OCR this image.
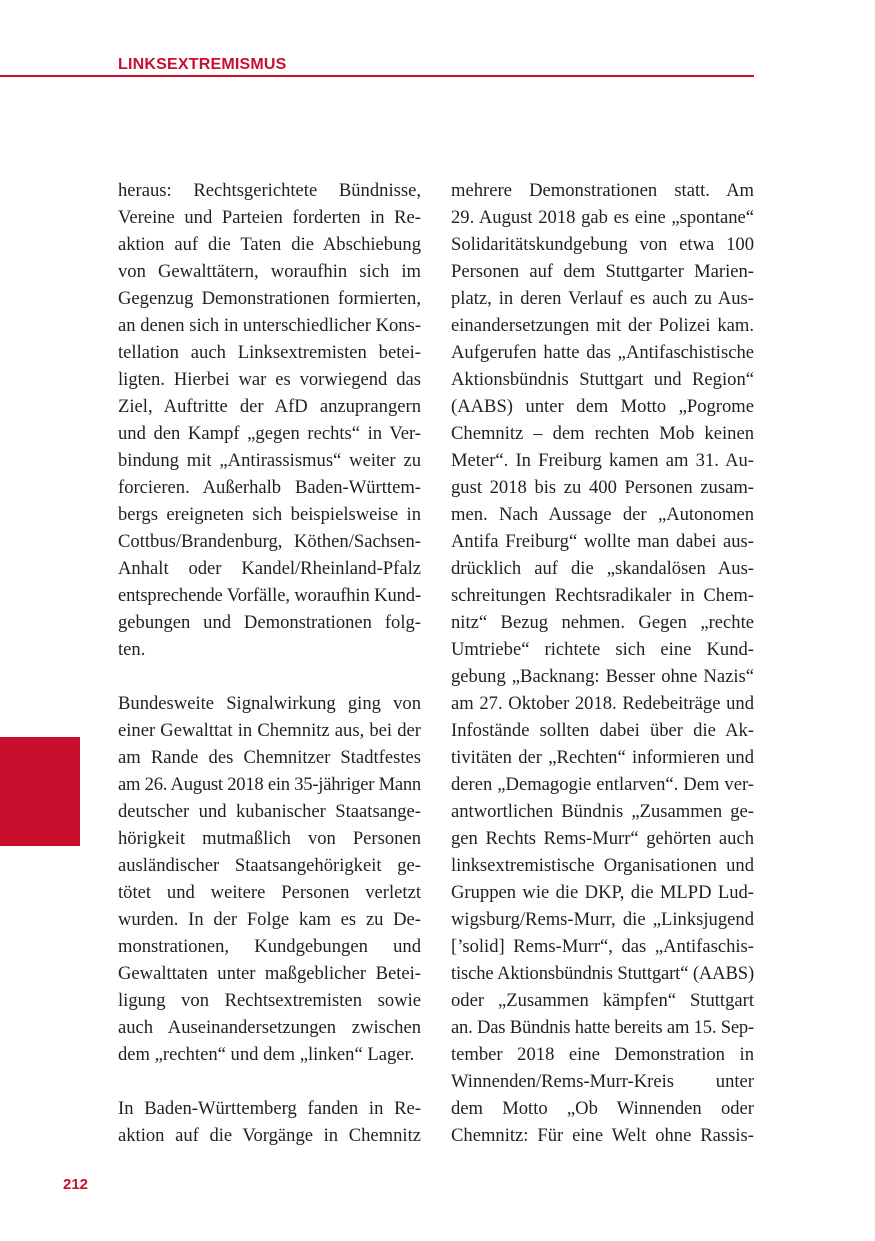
LINKSEXTREMISMUS
heraus: Rechtsgerichtete Bündnisse,
Vereine und Parteien forderten in Re-
aktion auf die Taten die Abschiebung
von Gewalttätern, woraufhin sich im
Gegenzug Demonstrationen formierten,
an denen sich in unterschiedlicher Kons-
tellation auch Linksextremisten betei-
ligten. Hierbei war es vorwiegend das
Ziel, Auftritte der AfD anzuprangern
und den Kampf „gegen rechts“ in Ver-
bindung mit „Antirassismus“ weiter zu
forcieren. Außerhalb Baden-Württem-
bergs ereigneten sich beispielsweise in
Cottbus/Brandenburg, Köthen/Sachsen-
Anhalt oder Kandel/Rheinland-Pfalz
entsprechende Vorfälle, woraufhin Kund-
gebungen und Demonstrationen folg-
ten.
Bundesweite Signalwirkung ging von
einer Gewalttat in Chemnitz aus, bei der
am Rande des Chemnitzer Stadtfestes
am 26. August 2018 ein 35-jähriger Mann
deutscher und kubanischer Staatsange-
hörigkeit mutmaßlich von Personen
ausländischer Staatsangehörigkeit ge-
tötet und weitere Personen verletzt
wurden. In der Folge kam es zu De-
monstrationen, Kundgebungen und
Gewalttaten unter maßgeblicher Betei-
ligung von Rechtsextremisten sowie
auch Auseinandersetzungen zwischen
dem „rechten“ und dem „linken“ Lager.
In Baden-Württemberg fanden in Re-
aktion auf die Vorgänge in Chemnitz
mehrere Demonstrationen statt. Am
29. August 2018 gab es eine „spontane“
Solidaritätskundgebung von etwa 100
Personen auf dem Stuttgarter Marien-
platz, in deren Verlauf es auch zu Aus-
einandersetzungen mit der Polizei kam.
Aufgerufen hatte das „Antifaschistische
Aktionsbündnis Stuttgart und Region“
(AABS) unter dem Motto „Pogrome
Chemnitz – dem rechten Mob keinen
Meter“. In Freiburg kamen am 31. Au-
gust 2018 bis zu 400 Personen zusam-
men. Nach Aussage der „Autonomen
Antifa Freiburg“ wollte man dabei aus-
drücklich auf die „skandalösen Aus-
schreitungen Rechtsradikaler in Chem-
nitz“ Bezug nehmen. Gegen „rechte
Umtriebe“ richtete sich eine Kund-
gebung „Backnang: Besser ohne Nazis“
am 27. Oktober 2018. Redebeiträge und
Infostände sollten dabei über die Ak-
tivitäten der „Rechten“ informieren und
deren „Demagogie entlarven“. Dem ver-
antwortlichen Bündnis „Zusammen ge-
gen Rechts Rems-Murr“ gehörten auch
linksextremistische Organisationen und
Gruppen wie die DKP, die MLPD Lud-
wigsburg/Rems-Murr, die „Linksjugend
[’solid] Rems-Murr“, das „Antifaschis-
tische Aktionsbündnis Stuttgart“ (AABS)
oder „Zusammen kämpfen“ Stuttgart
an. Das Bündnis hatte bereits am 15. Sep-
tember 2018 eine Demonstration in
Winnenden/Rems-Murr-Kreis unter
dem Motto „Ob Winnenden oder
Chemnitz: Für eine Welt ohne Rassis-
212
